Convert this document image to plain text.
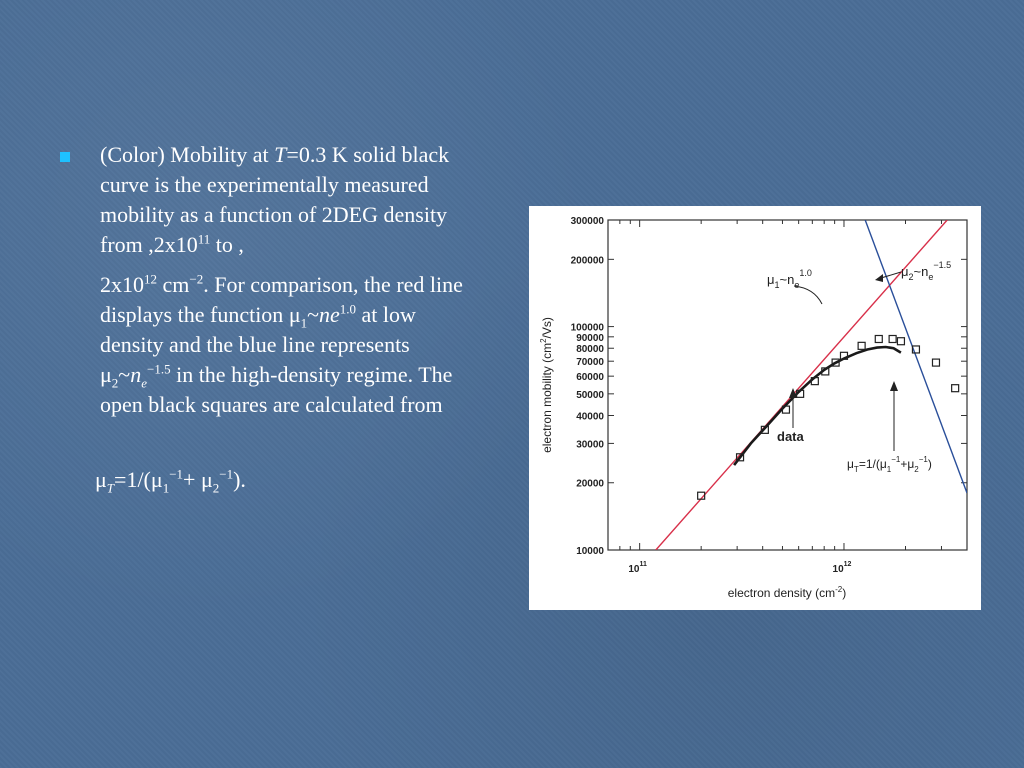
(Color) Mobility at T=0.3 K solid black curve is the experimentally measured mobility as a function of 2DEG density from $,2x10^{11}$ to ,

$2x10^{12}$ $cm^{-2}$. For comparison, the red line displays the function $\mu_1\sim ne^{1.0}$ at low density and the blue line represents $\mu_2\sim n_e^{-1.5}$ in the high-density regime. The open black squares are calculated from

$\mu_T=1/(\mu_1^{-1}+ \mu_2^{-1})$.
10000
20000
30000
40000
50000
60000
70000
80000
90000
100000
200000
300000
$10^{11}$	$10^{12}$
$\mu_1\sim n_e^{1.0}$	$\mu_2\sim n_e^{-1.5}$
data
$\mu_T=1/(\mu_1^{-1}+\mu_2^{-1})$
electron density $(cm^{-2})$
electron mobility $(cm^2/Vs)$
